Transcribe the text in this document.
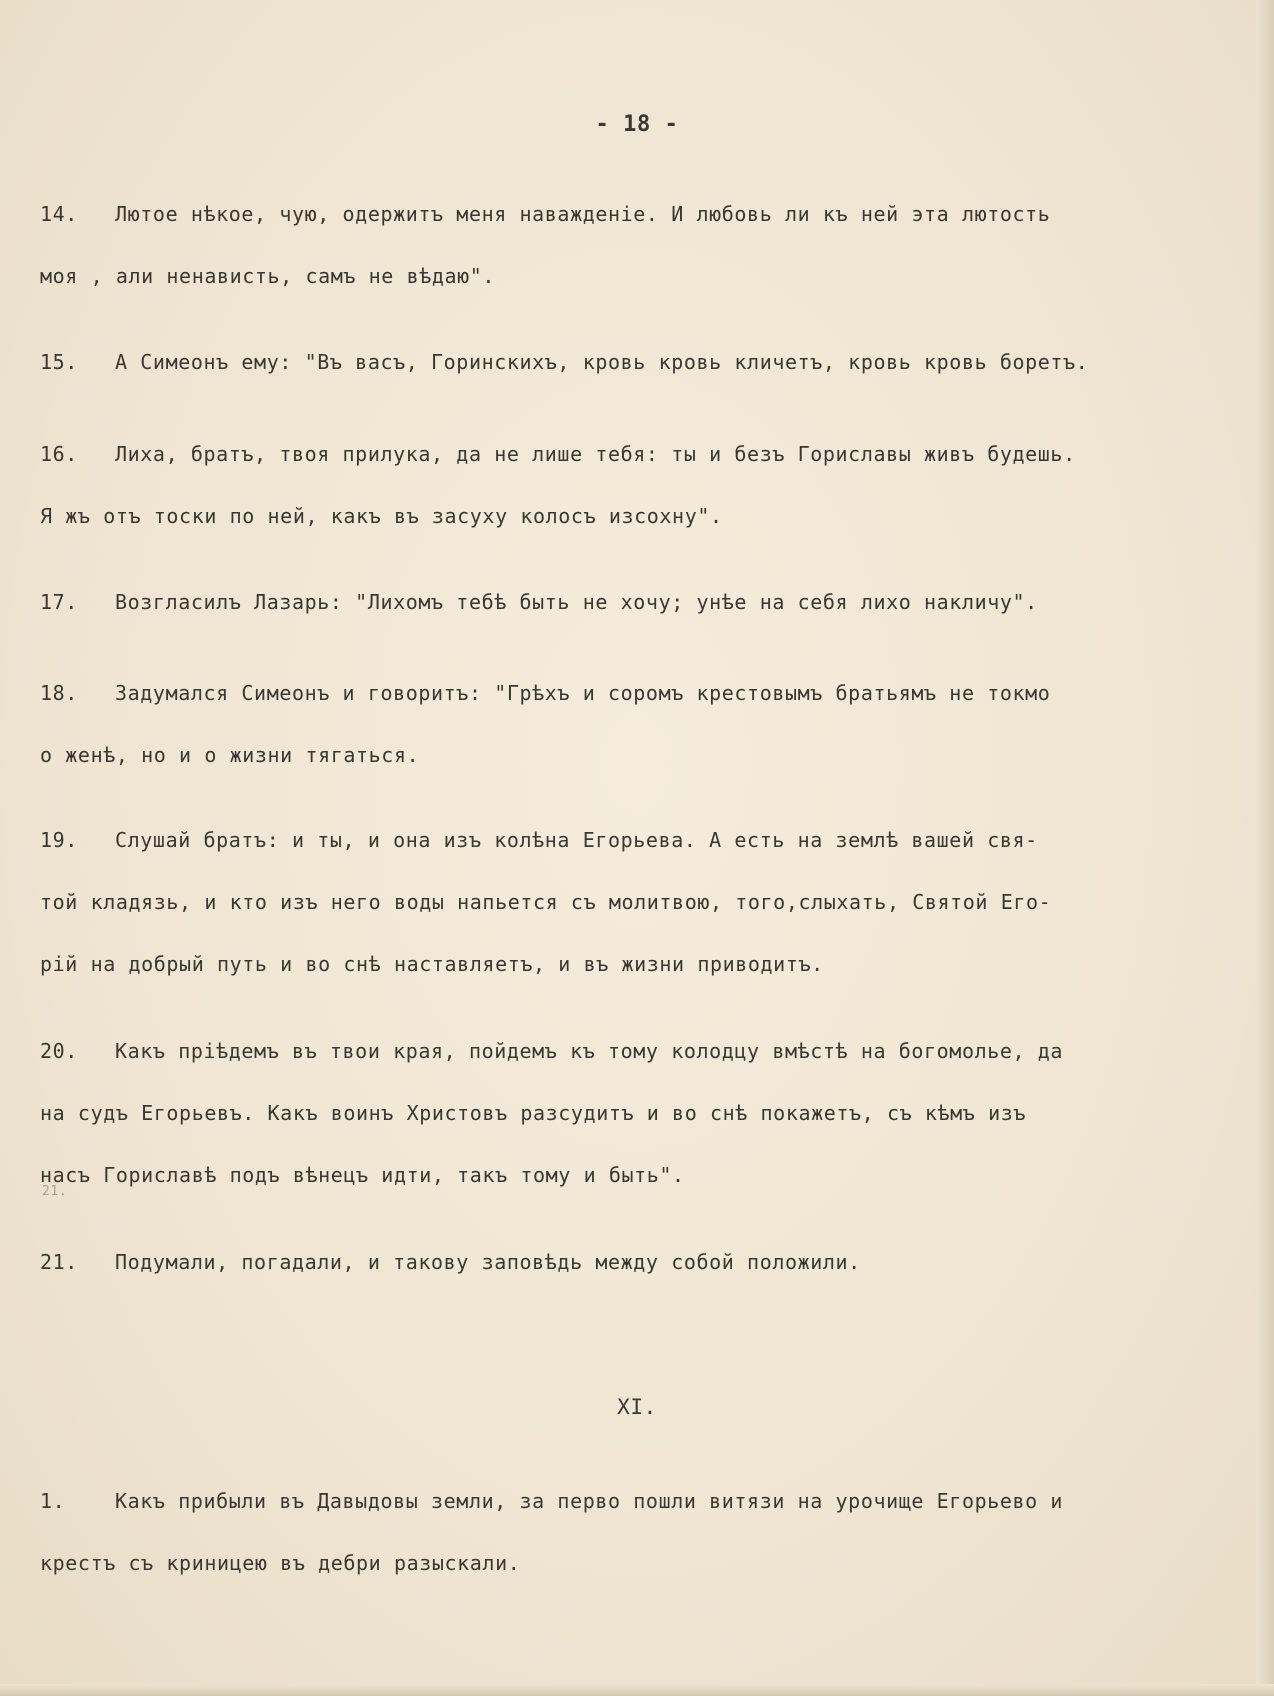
- 18 -
14. Лютое нѣкое, чую, одержитъ меня наважденіе. И любовь ли къ ней эта лютость
моя , али ненависть, самъ не вѣдаю".
15. А Симеонъ ему: "Въ васъ, Горинскихъ, кровь кровь кличетъ, кровь кровь боретъ.
16. Лиха, братъ, твоя прилука, да не лише тебя: ты и безъ Гориславы живъ будешь.
Я жъ отъ тоски по ней, какъ въ засуху колосъ изсохну".
17. Возгласилъ Лазарь: "Лихомъ тебѣ быть не хочу; унѣе на себя лихо накличу".
18. Задумался Симеонъ и говоритъ: "Грѣхъ и соромъ крестовымъ братьямъ не токмо
о женѣ, но и о жизни тягаться.
19. Слушай братъ: и ты, и она изъ колѣна Егорьева. А есть на землѣ вашей свя-
той кладязь, и кто изъ него воды напьется съ молитвою, того,слыхать, Святой Его-
рій на добрый путь и во снѣ наставляетъ, и въ жизни приводитъ.
20. Какъ пріѣдемъ въ твои края, пойдемъ къ тому колодцу вмѣстѣ на богомолье, да
на судъ Егорьевъ. Какъ воинъ Христовъ разсудитъ и во снѣ покажетъ, съ кѣмъ изъ
насъ Гориславѣ подъ вѣнецъ идти, такъ тому и быть".
21.
21. Подумали, погадали, и такову заповѣдь между собой положили.
XI.
1. Какъ прибыли въ Давыдовы земли, за первo пошли витязи на урочище Егорьево и
крестъ съ криницею въ дебри разыскали.
